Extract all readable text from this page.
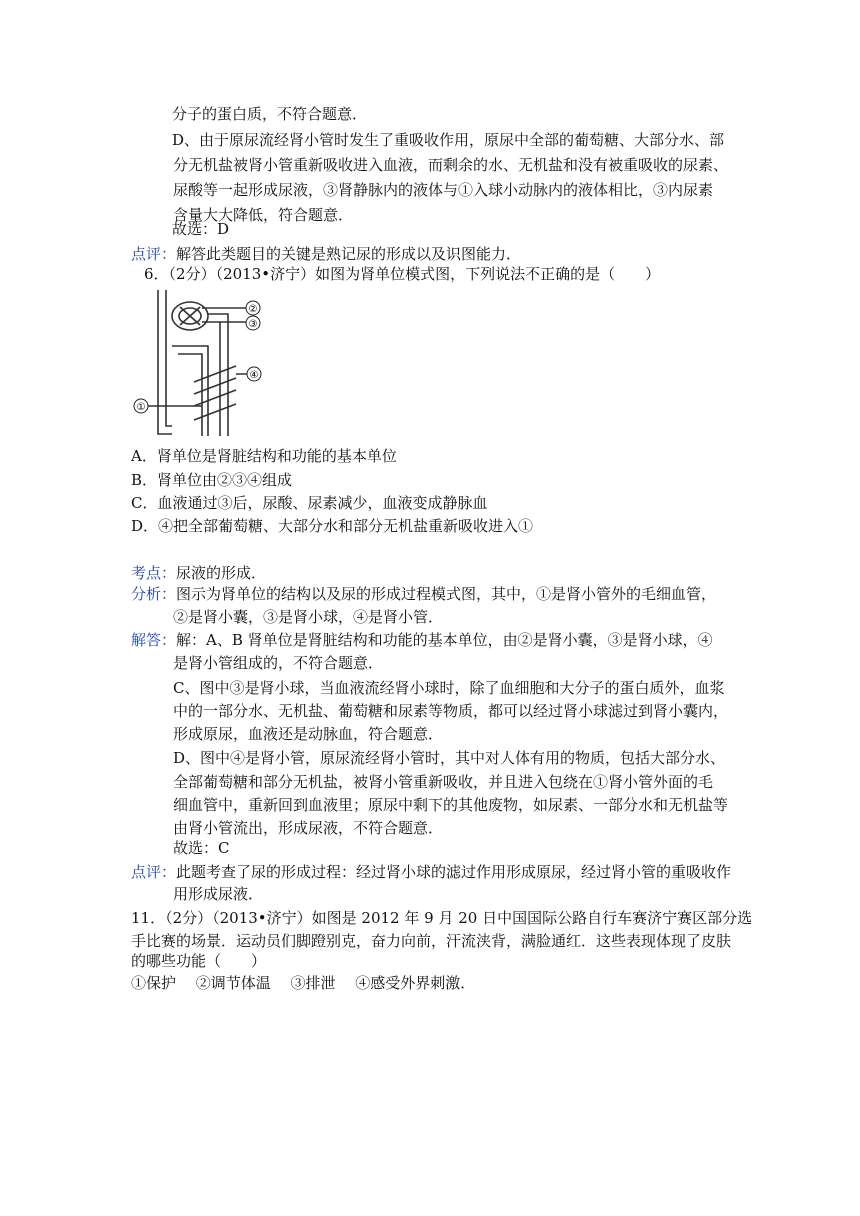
分子的蛋白质，不符合题意．
D、由于原尿流经肾小管时发生了重吸收作用，原尿中全部的葡萄糖、大部分水、部
分无机盐被肾小管重新吸收进入血液，而剩余的水、无机盐和没有被重吸收的尿素、
尿酸等一起形成尿液，③肾静脉内的液体与①入球小动脉内的液体相比，③内尿素
含量大大降低，符合题意．
故选：D
点评：解答此类题目的关键是熟记尿的形成以及识图能力．
6．（2分）（2013•济宁）如图为肾单位模式图，下列说法不正确的是（　　）
②
③
④
①
A．肾单位是肾脏结构和功能的基本单位
B．肾单位由②③④组成
C．血液通过③后，尿酸、尿素减少，血液变成静脉血
D．④把全部葡萄糖、大部分水和部分无机盐重新吸收进入①
考点：尿液的形成．
分析：图示为肾单位的结构以及尿的形成过程模式图，其中，①是肾小管外的毛细血管，
②是肾小囊，③是肾小球，④是肾小管．
解答：解：A、B 肾单位是肾脏结构和功能的基本单位，由②是肾小囊，③是肾小球，④
是肾小管组成的，不符合题意．
C、图中③是肾小球，当血液流经肾小球时，除了血细胞和大分子的蛋白质外，血浆
中的一部分水、无机盐、葡萄糖和尿素等物质，都可以经过肾小球滤过到肾小囊内，
形成原尿，血液还是动脉血，符合题意．
D、图中④是肾小管，原尿流经肾小管时，其中对人体有用的物质，包括大部分水、
全部葡萄糖和部分无机盐，被肾小管重新吸收，并且进入包绕在①肾小管外面的毛
细血管中，重新回到血液里；原尿中剩下的其他废物，如尿素、一部分水和无机盐等
由肾小管流出，形成尿液，不符合题意．
故选：C
点评：此题考查了尿的形成过程：经过肾小球的滤过作用形成原尿，经过肾小管的重吸收作
用形成尿液．
11．（2分）（2013•济宁）如图是 2012 年 9 月 20 日中国国际公路自行车赛济宁赛区部分选
手比赛的场景．运动员们脚蹬别克，奋力向前，汗流浃背，满脸通红．这些表现体现了皮肤
的哪些功能（　　）
①保护　 ②调节体温　 ③排泄　 ④感受外界刺激．
